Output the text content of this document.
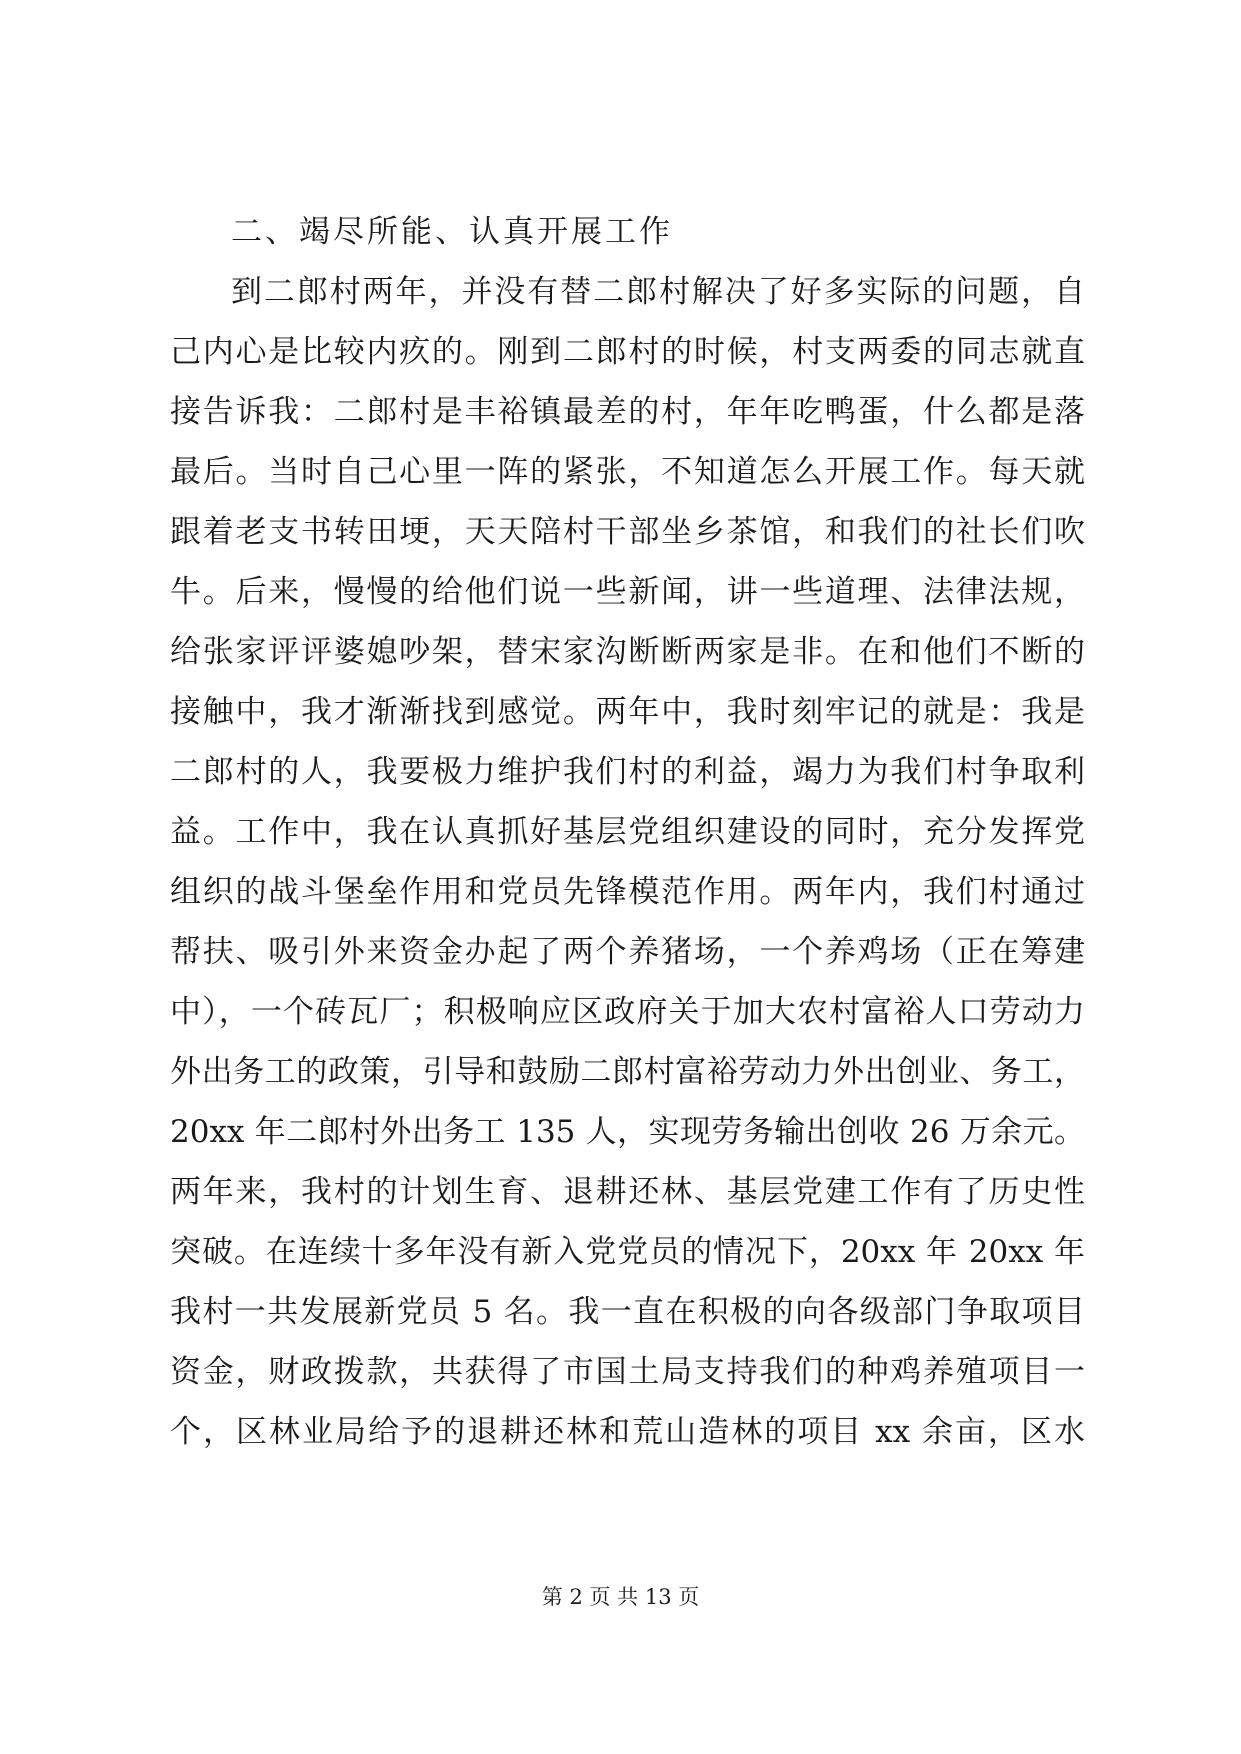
二、竭尽所能、认真开展工作
到二郎村两年，并没有替二郎村解决了好多实际的问题，自
己内心是比较内疚的。刚到二郎村的时候，村支两委的同志就直
接告诉我：二郎村是丰裕镇最差的村，年年吃鸭蛋，什么都是落
最后。当时自己心里一阵的紧张，不知道怎么开展工作。每天就
跟着老支书转田埂，天天陪村干部坐乡茶馆，和我们的社长们吹
牛。后来，慢慢的给他们说一些新闻，讲一些道理、法律法规，
给张家评评婆媳吵架，替宋家沟断断两家是非。在和他们不断的
接触中，我才渐渐找到感觉。两年中，我时刻牢记的就是：我是
二郎村的人，我要极力维护我们村的利益，竭力为我们村争取利
益。工作中，我在认真抓好基层党组织建设的同时，充分发挥党
组织的战斗堡垒作用和党员先锋模范作用。两年内，我们村通过
帮扶、吸引外来资金办起了两个养猪场，一个养鸡场（正在筹建
中），一个砖瓦厂；积极响应区政府关于加大农村富裕人口劳动力
外出务工的政策，引导和鼓励二郎村富裕劳动力外出创业、务工，
20xx 年二郎村外出务工 135 人，实现劳务输出创收 26 万余元。
两年来，我村的计划生育、退耕还林、基层党建工作有了历史性
突破。在连续十多年没有新入党党员的情况下，20xx 年 20xx 年
我村一共发展新党员 5 名。我一直在积极的向各级部门争取项目
资金，财政拨款，共获得了市国土局支持我们的种鸡养殖项目一
个，区林业局给予的退耕还林和荒山造林的项目 xx 余亩，区水
第 2 页 共 13 页
